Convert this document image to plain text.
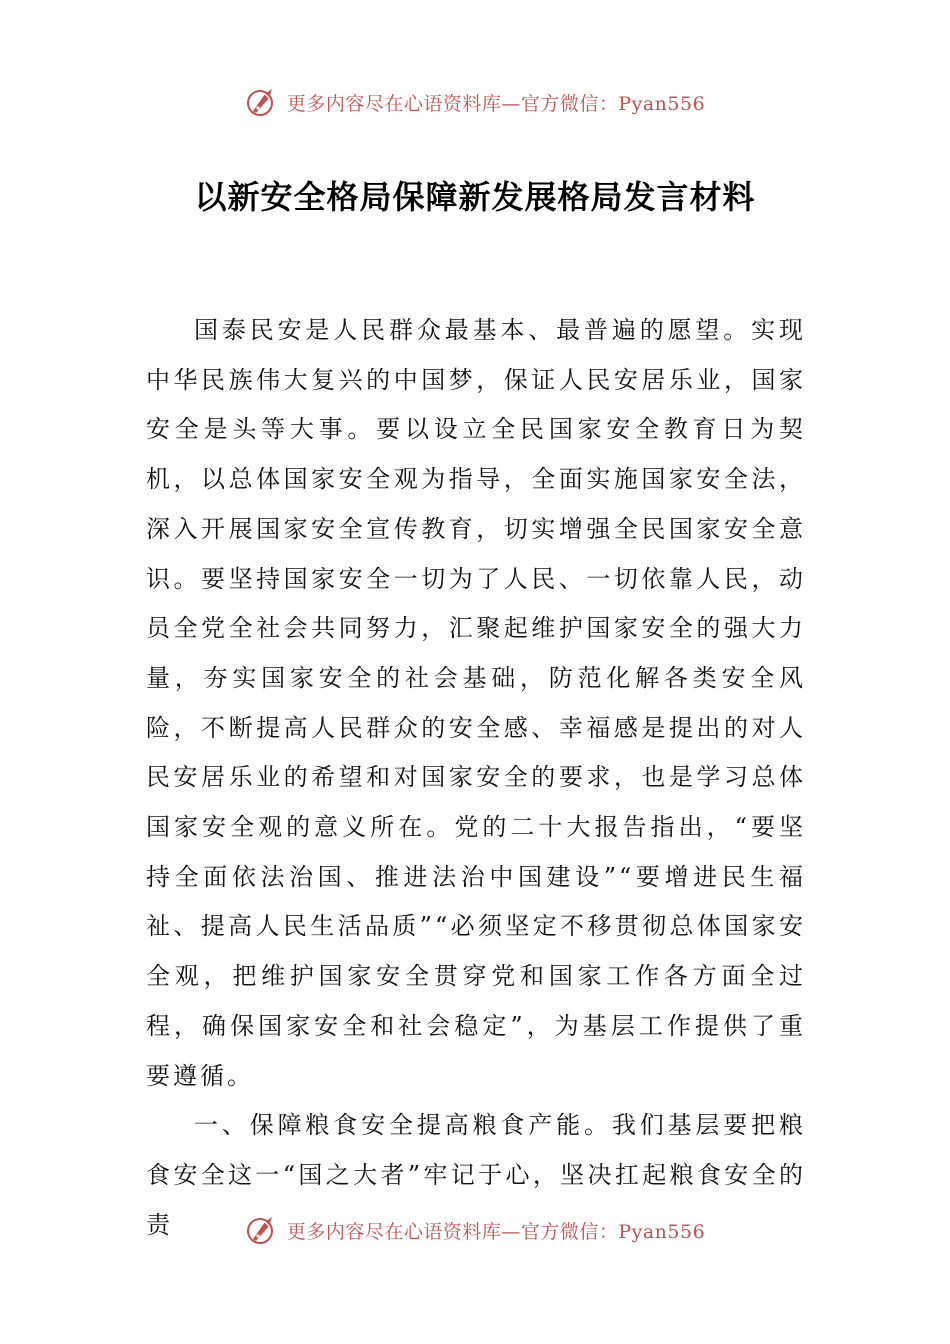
更多内容尽在心语资料库—官方微信：Pyan556
以新安全格局保障新发展格局发言材料

国泰民安是人民群众最基本、最普遍的愿望。实现中华民族伟大复兴的中国梦，保证人民安居乐业，国家安全是头等大事。要以设立全民国家安全教育日为契机，以总体国家安全观为指导，全面实施国家安全法，深入开展国家安全宣传教育，切实增强全民国家安全意识。要坚持国家安全一切为了人民、一切依靠人民，动员全党全社会共同努力，汇聚起维护国家安全的强大力量，夯实国家安全的社会基础，防范化解各类安全风险，不断提高人民群众的安全感、幸福感是提出的对人民安居乐业的希望和对国家安全的要求，也是学习总体国家安全观的意义所在。党的二十大报告指出，“要坚持全面依法治国、推进法治中国建设”“要增进民生福祉、提高人民生活品质”“必须坚定不移贯彻总体国家安全观，把维护国家安全贯穿党和国家工作各方面全过程，确保国家安全和社会稳定”，为基层工作提供了重要遵循。

一、保障粮食安全提高粮食产能。我们基层要把粮食安全这一“国之大者”牢记于心，坚决扛起粮食安全的责	更多内容尽在心语资料库—官方微信：Pyan556
